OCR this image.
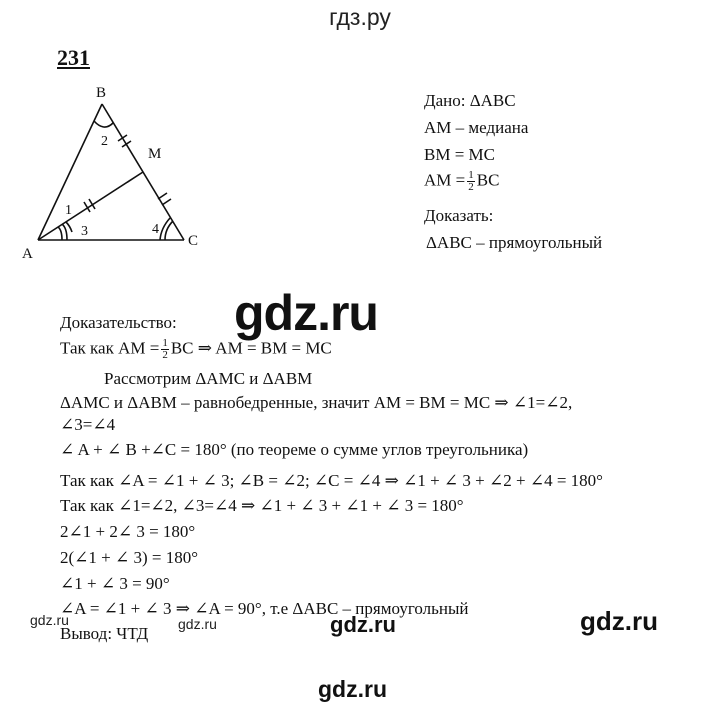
гдз.ру
231
B
M
A
C
2
1
3	4
Дано: ΔABC
AM – медиана
BM = MC
AM = $\frac{1}{2}$ BC
Доказать:
ΔABC – прямоугольный
Доказательство:
Так как AM = $\frac{1}{2}$ BC ⇒ AM = BM = MC
Рассмотрим ΔAMC и ΔABM
ΔAMC и ΔABM – равнобедренные, значит AM = BM = MC ⇒ ∠1=∠2,
∠3=∠4
∠ A + ∠ B +∠C = 180° (по теореме о сумме углов треугольника)
Так как ∠A = ∠1 + ∠ 3; ∠B = ∠2; ∠C = ∠4 ⇒ ∠1 + ∠ 3 + ∠2 + ∠4 = 180°
Так как ∠1=∠2, ∠3=∠4 ⇒ ∠1 + ∠ 3 + ∠1 + ∠ 3 = 180°
2∠1 + 2∠ 3 = 180°
2(∠1 + ∠ 3) = 180°
∠1 + ∠ 3 = 90°
∠A = ∠1 + ∠ 3 ⇒ ∠A = 90°, т.е ΔABC – прямоугольный
Вывод: ЧТД
gdz.ru
gdz.ru	gdz.ru	gdz.ru	gdz.ru
gdz.ru
